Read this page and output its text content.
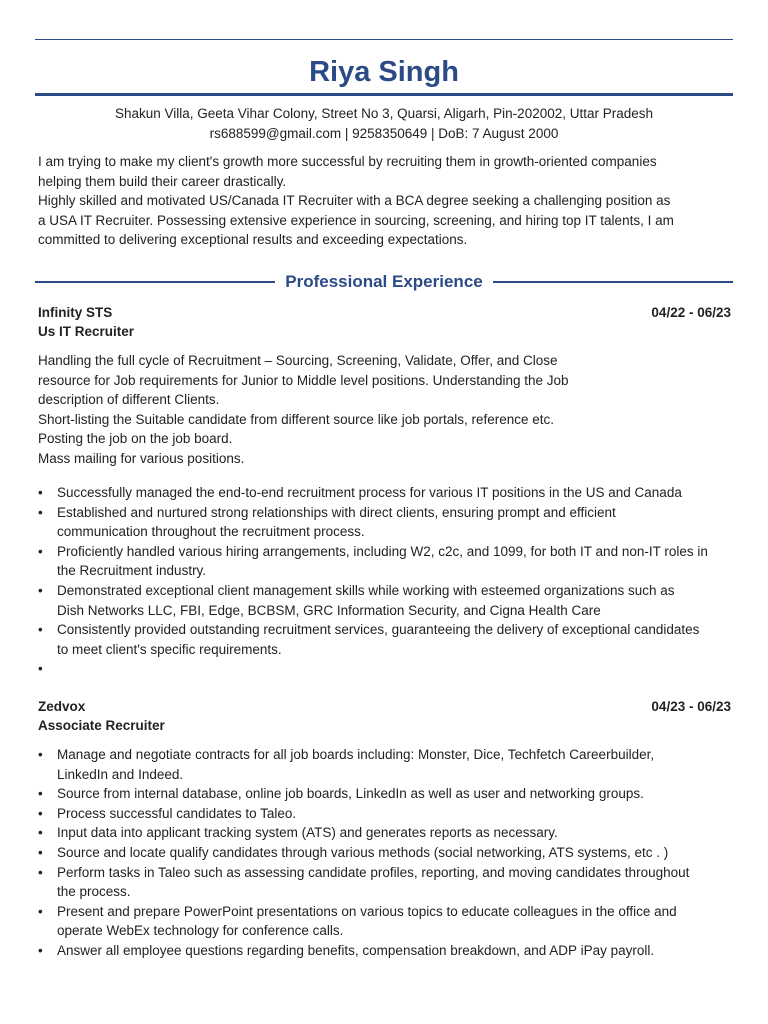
Riya Singh
Shakun Villa, Geeta Vihar Colony, Street No 3, Quarsi, Aligarh, Pin-202002, Uttar Pradesh
rs688599@gmail.com | 9258350649 | DoB: 7 August 2000
I am trying to make my client's growth more successful by recruiting them in growth-oriented companies
helping them build their career drastically.
Highly skilled and motivated US/Canada IT Recruiter with a BCA degree seeking a challenging position as
a USA IT Recruiter. Possessing extensive experience in sourcing, screening, and hiring top IT talents, I am
committed to delivering exceptional results and exceeding expectations.
Professional Experience
Infinity STS	04/22 - 06/23
Us IT Recruiter
Handling the full cycle of Recruitment – Sourcing, Screening, Validate, Offer, and Close
resource for Job requirements for Junior to Middle level positions. Understanding the Job
description of different Clients.
Short-listing the Suitable candidate from different source like job portals, reference etc.
Posting the job on the job board.
Mass mailing for various positions.
• Successfully managed the end-to-end recruitment process for various IT positions in the US and Canada
• Established and nurtured strong relationships with direct clients, ensuring prompt and efficient
communication throughout the recruitment process.
• Proficiently handled various hiring arrangements, including W2, c2c, and 1099, for both IT and non-IT roles in
the Recruitment industry.
• Demonstrated exceptional client management skills while working with esteemed organizations such as
Dish Networks LLC, FBI, Edge, BCBSM, GRC Information Security, and Cigna Health Care
• Consistently provided outstanding recruitment services, guaranteeing the delivery of exceptional candidates
to meet client's specific requirements.
•

Zedvox	04/23 - 06/23
Associate Recruiter
• Manage and negotiate contracts for all job boards including: Monster, Dice, Techfetch Careerbuilder,
LinkedIn and Indeed.
• Source from internal database, online job boards, LinkedIn as well as user and networking groups.
• Process successful candidates to Taleo.
• Input data into applicant tracking system (ATS) and generates reports as necessary.
• Source and locate qualify candidates through various methods (social networking, ATS systems, etc . )
• Perform tasks in Taleo such as assessing candidate profiles, reporting, and moving candidates throughout
the process.
• Present and prepare PowerPoint presentations on various topics to educate colleagues in the office and
operate WebEx technology for conference calls.
• Answer all employee questions regarding benefits, compensation breakdown, and ADP iPay payroll.
